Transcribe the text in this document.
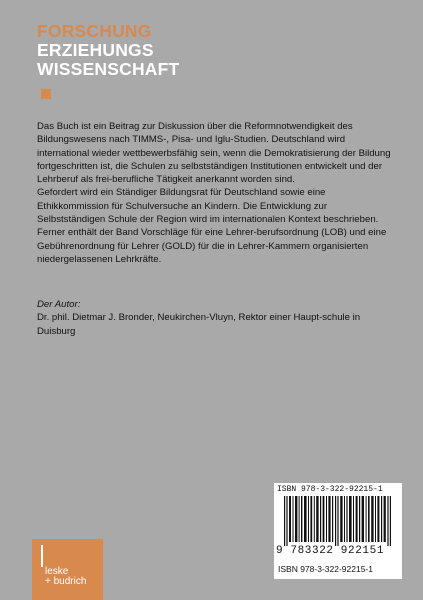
FORSCHUNG
ERZIEHUNGS
WISSENSCHAFT

Das Buch ist ein Beitrag zur Diskussion über die Reformnotwendigkeit des Bildungswesens nach TIMMS-, Pisa- und Iglu-Studien. Deutschland wird international wieder wettbewerbsfähig sein, wenn die Demokratisierung der Bildung fortgeschritten ist, die Schulen zu selbstständigen Institutionen entwickelt und der Lehrberuf als frei-berufliche Tätigkeit anerkannt worden sind.

Gefordert wird ein Ständiger Bildungsrat für Deutschland sowie eine Ethikkommission für Schulversuche an Kindern. Die Entwicklung zur Selbstständigen Schule der Region wird im internationalen Kontext beschrieben. Ferner enthält der Band Vorschläge für eine Lehrer-berufsordnung (LOB) und eine Gebührenordnung für Lehrer (GOLD) für die in Lehrer-Kammern organisierten niedergelassenen Lehrkräfte.

Der Autor:

Dr. phil. Dietmar J. Bronder, Neukirchen-Vluyn, Rektor einer Haupt-schule in Duisburg

ISBN 978-3-322-92215-1
9 783322 922151
ISBN 978-3-322-92215-1
leske
+ budrich
